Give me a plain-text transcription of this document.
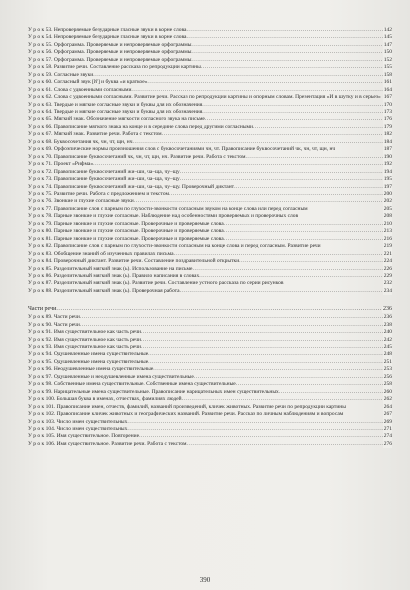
У р о к 53. Непроверяемые безударные гласные звуки в корне слова .....	142
У р о к 54. Непроверяемые безударные гласные звуки в корне слова .....	145
У р о к 55. Орфограмма. Проверяемые и непроверяемые орфограммы .....	147
У р о к 56. Орфограмма. Проверяемые и непроверяемые орфограммы .....	150
У р о к 57. Орфограмма. Проверяемые и непроверяемые орфограммы .....	152
У р о к 58. Развитие речи. Составление рассказа по репродукции картины .....	155
У р о к 59. Согласные звуки .....	158
У р о к 60. Согласный звук [й'] и буква «и краткое» .....	161
У р о к 61. Слова с удвоенными согласными .....	164
У р о к 62. Слова с удвоенными согласными. Развитие речи. Рассказ по репродукции картины и опорным словам. Презентация «И в шутку и в серьез» 167
У р о к 63. Твердые и мягкие согласные звуки и буквы для их обозначения .....	170
У р о к 64. Твердые и мягкие согласные звуки и буквы для их обозначения .....	173
У р о к 65. Мягкий знак. Обозначение мягкости согласного звука на письме .....	176
У р о к 66. Правописание мягкого знака на конце и в середине слова перед другими согласными .....	179
У р о к 67. Мягкий знак. Развитие речи. Работа с текстом .....	182
У р о к 68. Буквосочетания чк, чн, чт, щн, нч .....	184
У р о к 69. Орфоэпические нормы произношения слов с буквосочетаниями чн, чт. Правописание буквосочетаний чк, чн, чт, щн, нч	187
У р о к 70. Правописание буквосочетаний чк, чн, чт, щн, нч. Развитие речи. Работа с текстом .....	190
У р о к 71. Проект «Рифма» .....	192
У р о к 72. Правописание буквосочетаний жи–ши, ча–ща, чу–щу .....	194
У р о к 73. Правописание буквосочетаний жи–ши, ча–ща, чу–щу .....	195
У р о к 74. Правописание буквосочетаний жи–ши, ча–ща, чу–щу. Проверочный диктант .....	197
У р о к 75. Развитие речи. Работа с предложением и текстом .....	200
У р о к 76. Звонкие и глухие согласные звуки .....	202
У р о к 77. Правописание слов с парным по глухости-звонкости согласным звуком на конце слова или перед согласным	205
У р о к 78. Парные звонкие и глухие согласные. Наблюдение над особенностями проверяемых и проверочных слов	208
У р о к 79. Парные звонкие и глухие согласные. Проверочные и проверяемые слова .....	210
У р о к 80. Парные звонкие и глухие согласные. Проверочные и проверяемые слова .....	213
У р о к 81. Парные звонкие и глухие согласные. Проверочные и проверяемые слова .....	216
У р о к 82. Правописание слов с парным по глухости-звонкости согласным на конце слова и перед согласным. Развитие речи	219
У р о к 83. Обобщение знаний об изученных правилах письма .....	221
У р о к 84. Проверочный диктант. Развитие речи. Составление поздравительной открытки .....	224
У р о к 85. Разделительный мягкий знак (ь). Использование на письме .....	226
У р о к 86. Разделительный мягкий знак (ь). Правило написания в словах .....	229
У р о к 87. Разделительный мягкий знак (ь). Развитие речи. Составление устного рассказа по серии рисунков	232
У р о к 88. Разделительный мягкий знак (ь). Проверочная работа .....	234
Части речи .....	236
У р о к 89. Части речи .....	236
У р о к 90. Части речи .....	238
У р о к 91. Имя существительное как часть речи .....	240
У р о к 92. Имя существительное как часть речи .....	242
У р о к 93. Имя существительное как часть речи .....	245
У р о к 94. Одушевленные имена существительные .....	248
У р о к 95. Одушевленные имена существительные .....	251
У р о к 96. Неодушевленные имена существительные .....	253
У р о к 97. Одушевленные и неодушевленные имена существительные .....	256
У р о к 98. Собственные имена существительные. Собственные имена существительные .....	258
У р о к 99. Нарицательные имена существительные. Правописание нарицательных имен существительных .....	260
У р о к 100. Большая буква в именах, отчествах, фамилиях людей .....	262
У р о к 101. Правописание имен, отчеств, фамилий, названий произведений, кличек животных. Развитие речи по репродукции картины	264
У р о к 102. Правописание кличек животных и географических названий. Развитие речи. Рассказ по личным наблюдениям и вопросам	267
У р о к 103. Число имен существительных .....	269
У р о к 104. Число имен существительных .....	271
У р о к 105. Имя существительное. Повторение .....	274
У р о к 106. Имя существительное. Развитие речи. Работа с текстом .....	276
390
